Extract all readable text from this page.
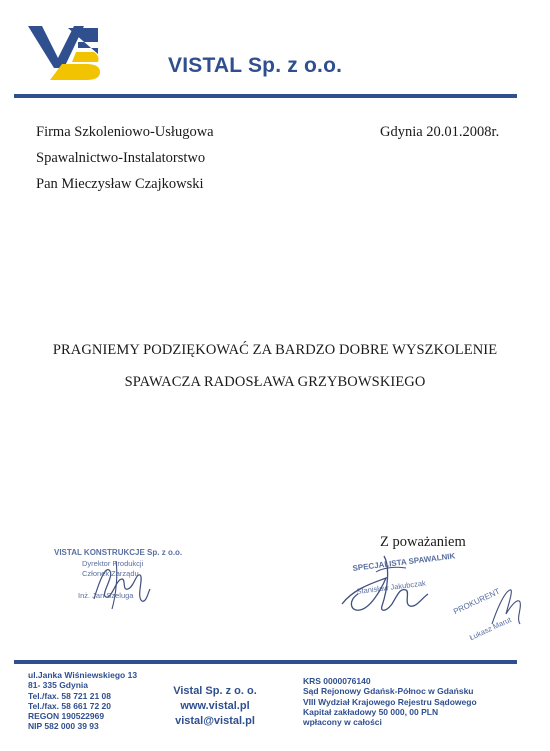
VISTAL Sp. z o.o.
Firma Szkoleniowo-Usługowa
Spawalnictwo-Instalatorstwo
Pan Mieczysław Czajkowski
Gdynia 20.01.2008r.
PRAGNIEMY PODZIĘKOWAĆ ZA BARDZO DOBRE WYSZKOLENIE
SPAWACZA RADOSŁAWA GRZYBOWSKIEGO
Z poważaniem
VISTAL KONSTRUKCJE Sp. z o.o.
Dyrektor Produkcji
Członek Zarządu
Inż. Jan Szeluga
SPECJALISTA SPAWALNIK
Stanisław Jakubczak	PROKURENT
Łukasz Marut
ul.Janka Wiśniewskiego 13
81- 335 Gdynia
Tel./fax. 58 721 21 08
Tel./fax. 58 661 72 20
REGON 190522969
NIP 582 000 39 93
Vistal Sp. z o. o.
www.vistal.pl
vistal@vistal.pl
KRS 0000076140
Sąd Rejonowy Gdańsk-Północ w Gdańsku
VIII Wydział Krajowego Rejestru Sądowego
Kapitał zakładowy 50 000, 00 PLN
wpłacony w całości
